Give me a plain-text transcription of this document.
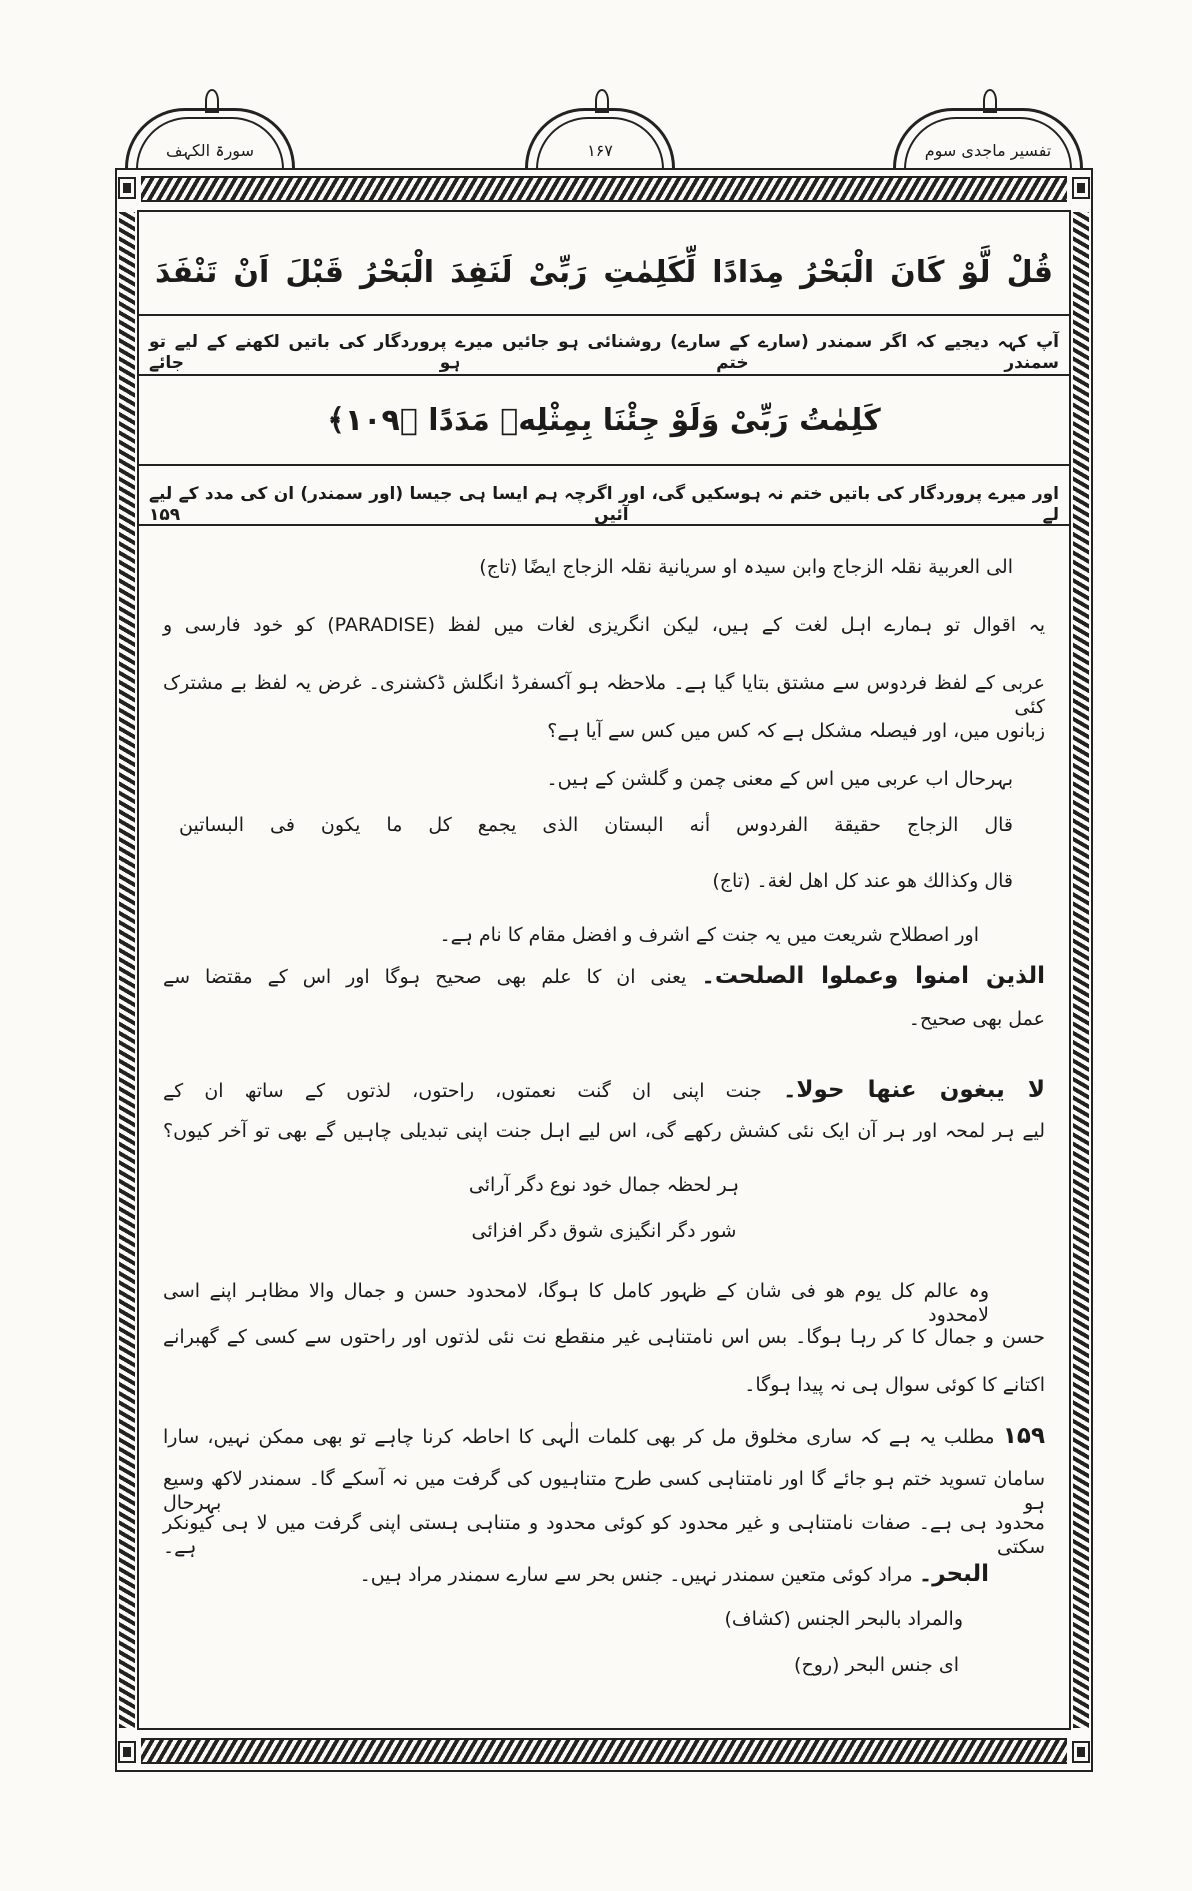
سورۃ الکہف	۱۶۷	تفسیر ماجدی سوم
قُلْ لَّوْ كَانَ الْبَحْرُ مِدَادًا لِّكَلِمٰتِ رَبِّیْ لَنَفِدَ الْبَحْرُ قَبْلَ اَنْ تَنْفَدَ
آپ کہہ دیجیے کہ اگر سمندر (سارے کے سارے) روشنائی ہو جائیں میرے پروردگار کی باتیں لکھنے کے لیے تو سمندر ختم ہو جائے
كَلِمٰتُ رَبِّیْ وَلَوْ جِئْنَا بِمِثْلِهٖ مَدَدًا ﴿۱۰۹﴾
اور میرے پروردگار کی باتیں ختم نہ ہوسکیں گی، اور اگرچہ ہم ایسا ہی جیسا (اور سمندر) ان کی مدد کے لیے لے آئیں ۱۵۹
الی العربیة نقلہ الزجاج وابن سیدہ او سریانیة نقلہ الزجاج ایضًا (تاج)
یہ اقوال تو ہمارے اہل لغت کے ہیں، لیکن انگریزی لغات میں لفظ (PARADISE) کو خود فارسی و
عربی کے لفظ فردوس سے مشتق بتایا گیا ہے۔ ملاحظہ ہو آکسفرڈ انگلش ڈکشنری۔ غرض یہ لفظ بے مشترک کئی
زبانوں میں، اور فیصلہ مشکل ہے کہ کس میں کس سے آیا ہے؟
بہرحال اب عربی میں اس کے معنی چمن و گلشن کے ہیں۔
قال الزجاج حقیقة الفردوس أنه البستان الذی یجمع کل ما یکون فی البساتین
قال وکذالك ھو عند کل اھل لغة۔ (تاج)
اور اصطلاح شریعت میں یہ جنت کے اشرف و افضل مقام کا نام ہے۔
الذین امنوا وعملوا الصلحت۔ یعنی ان کا علم بھی صحیح ہوگا اور اس کے مقتضا سے
عمل بھی صحیح۔
لا یبغون عنها حولا۔ جنت اپنی ان گنت نعمتوں، راحتوں، لذتوں کے ساتھ ان کے
لیے ہر لمحہ اور ہر آن ایک نئی کشش رکھے گی، اس لیے اہل جنت اپنی تبدیلی چاہیں گے بھی تو آخر کیوں؟
ہر لحظہ جمال خود نوع دگر آرائی
شور دگر انگیزی شوق دگر افزائی
وہ عالم کل یوم ھو فی شان کے ظہور کامل کا ہوگا، لامحدود حسن و جمال والا مظاہر اپنے اسی لامحدود
حسن و جمال کا کر رہا ہوگا۔ بس اس نامتناہی غیر منقطع نت نئی لذتوں اور راحتوں سے کسی کے گھبرانے
اکتانے کا کوئی سوال ہی نہ پیدا ہوگا۔
۱۵۹ مطلب یہ ہے کہ ساری مخلوق مل کر بھی کلمات الٰہی کا احاطہ کرنا چاہے تو بھی ممکن نہیں، سارا
سامان تسوید ختم ہو جائے گا اور نامتناہی کسی طرح متناہیوں کی گرفت میں نہ آسکے گا۔ سمندر لاکھ وسیع ہو بہرحال
محدود ہی ہے۔ صفات نامتناہی و غیر محدود کو کوئی محدود و متناہی ہستی اپنی گرفت میں لا ہی کیونکر سکتی ہے۔
البحر۔ مراد کوئی متعین سمندر نہیں۔ جنس بحر سے سارے سمندر مراد ہیں۔
والمراد بالبحر الجنس (کشاف)
ای جنس البحر (روح)
